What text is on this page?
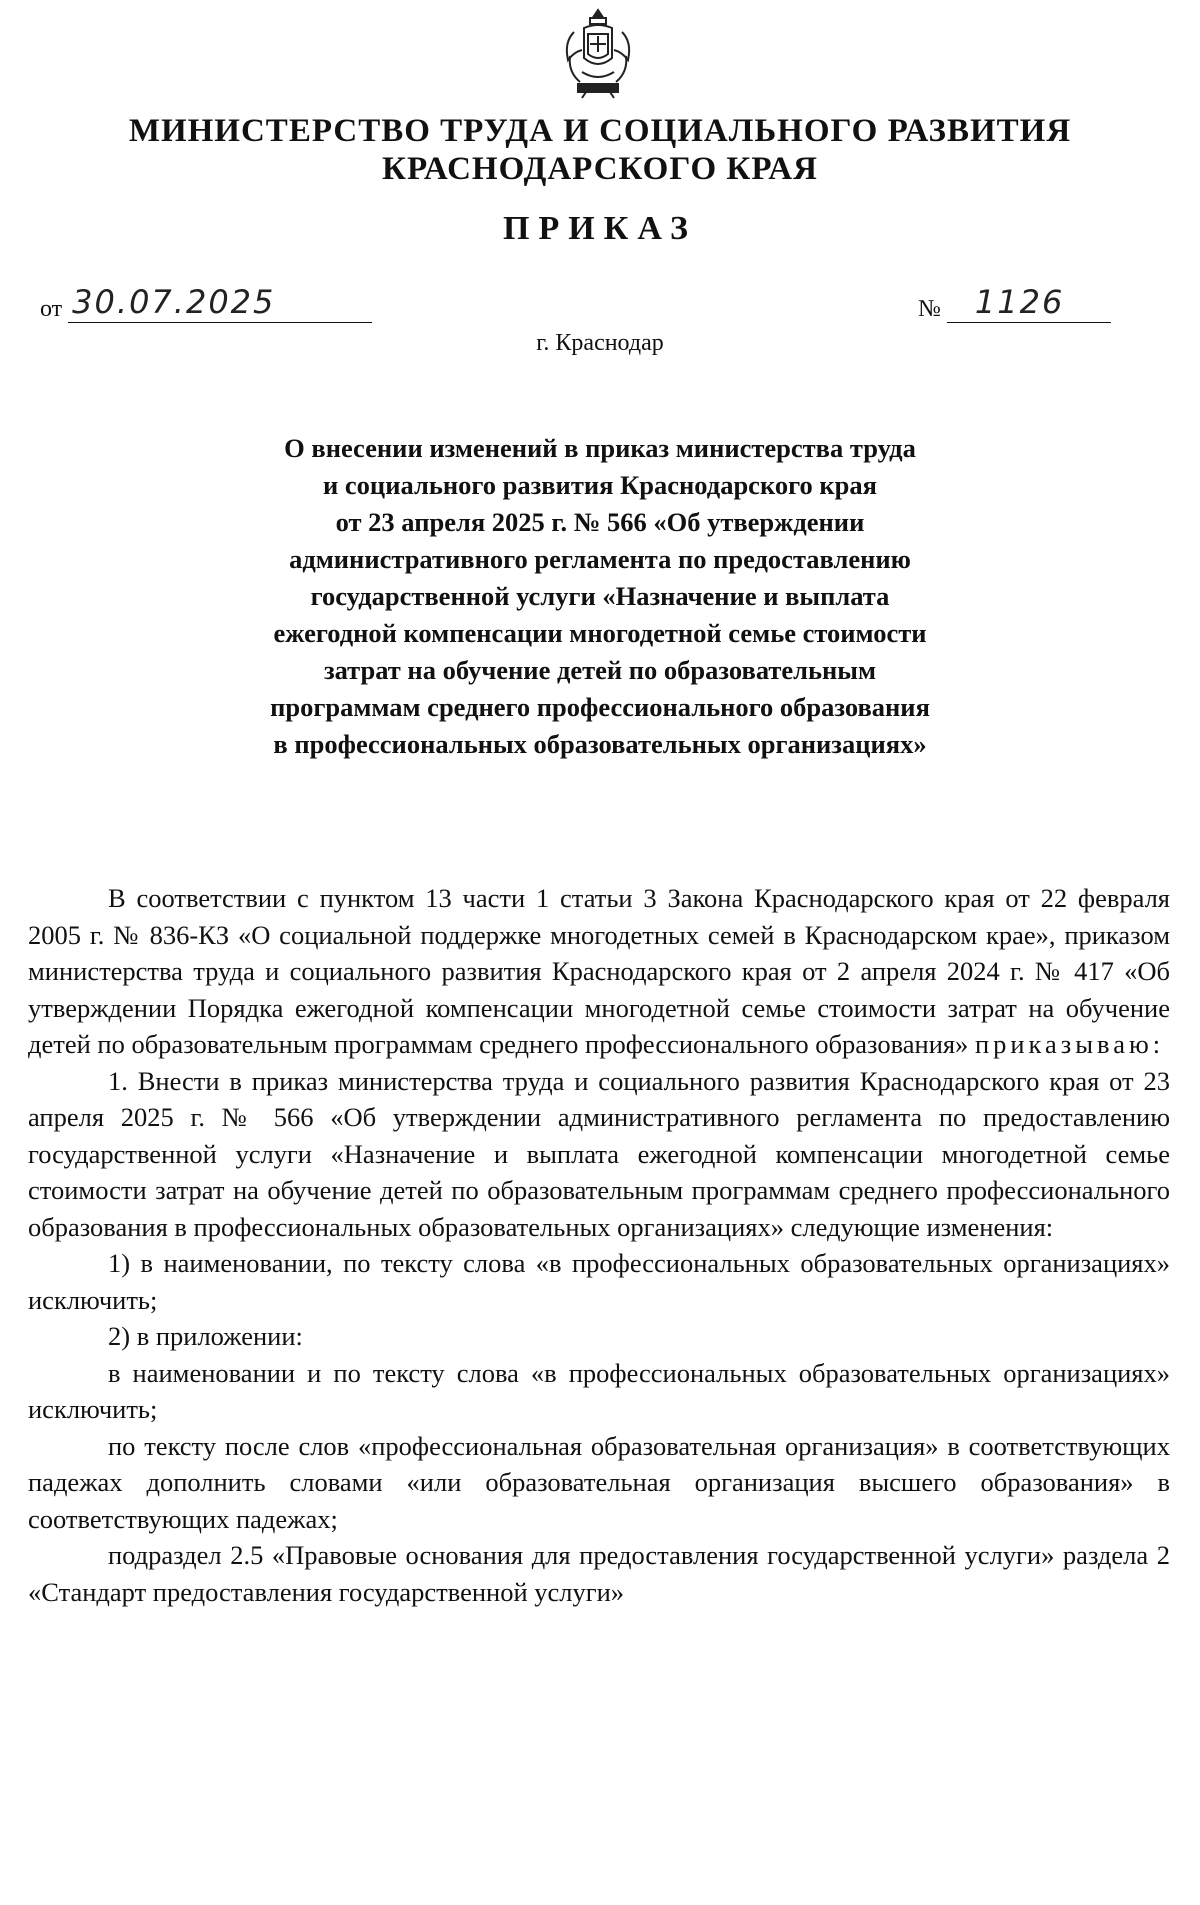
МИНИСТЕРСТВО ТРУДА И СОЦИАЛЬНОГО РАЗВИТИЯ
КРАСНОДАРСКОГО КРАЯ
ПРИКАЗ
от 30.07.2025	№ 1126
г. Краснодар
О внесении изменений в приказ министерства труда
и социального развития Краснодарского края
от 23 апреля 2025 г. № 566 «Об утверждении
административного регламента по предоставлению
государственной услуги «Назначение и выплата
ежегодной компенсации многодетной семье стоимости
затрат на обучение детей по образовательным
программам среднего профессионального образования
в профессиональных образовательных организациях»

В соответствии с пунктом 13 части 1 статьи 3 Закона Краснодарского края от 22 февраля 2005 г. № 836-КЗ «О социальной поддержке многодетных семей в Краснодарском крае», приказом министерства труда и социального развития Краснодарского края от 2 апреля 2024 г. № 417 «Об утверждении Порядка ежегодной компенсации многодетной семье стоимости затрат на обучение детей по образовательным программам среднего профессионального образования» приказываю:

1. Внести в приказ министерства труда и социального развития Краснодарского края от 23 апреля 2025 г. № 566 «Об утверждении административного регламента по предоставлению государственной услуги «Назначение и выплата ежегодной компенсации многодетной семье стоимости затрат на обучение детей по образовательным программам среднего профессионального образования в профессиональных образовательных организациях» следующие изменения:

1) в наименовании, по тексту слова «в профессиональных образовательных организациях» исключить;

2) в приложении:

в наименовании и по тексту слова «в профессиональных образовательных организациях» исключить;

по тексту после слов «профессиональная образовательная организация» в соответствующих падежах дополнить словами «или образовательная организация высшего образования» в соответствующих падежах;

подраздел 2.5 «Правовые основания для предоставления государственной услуги» раздела 2 «Стандарт предоставления государственной услуги»
